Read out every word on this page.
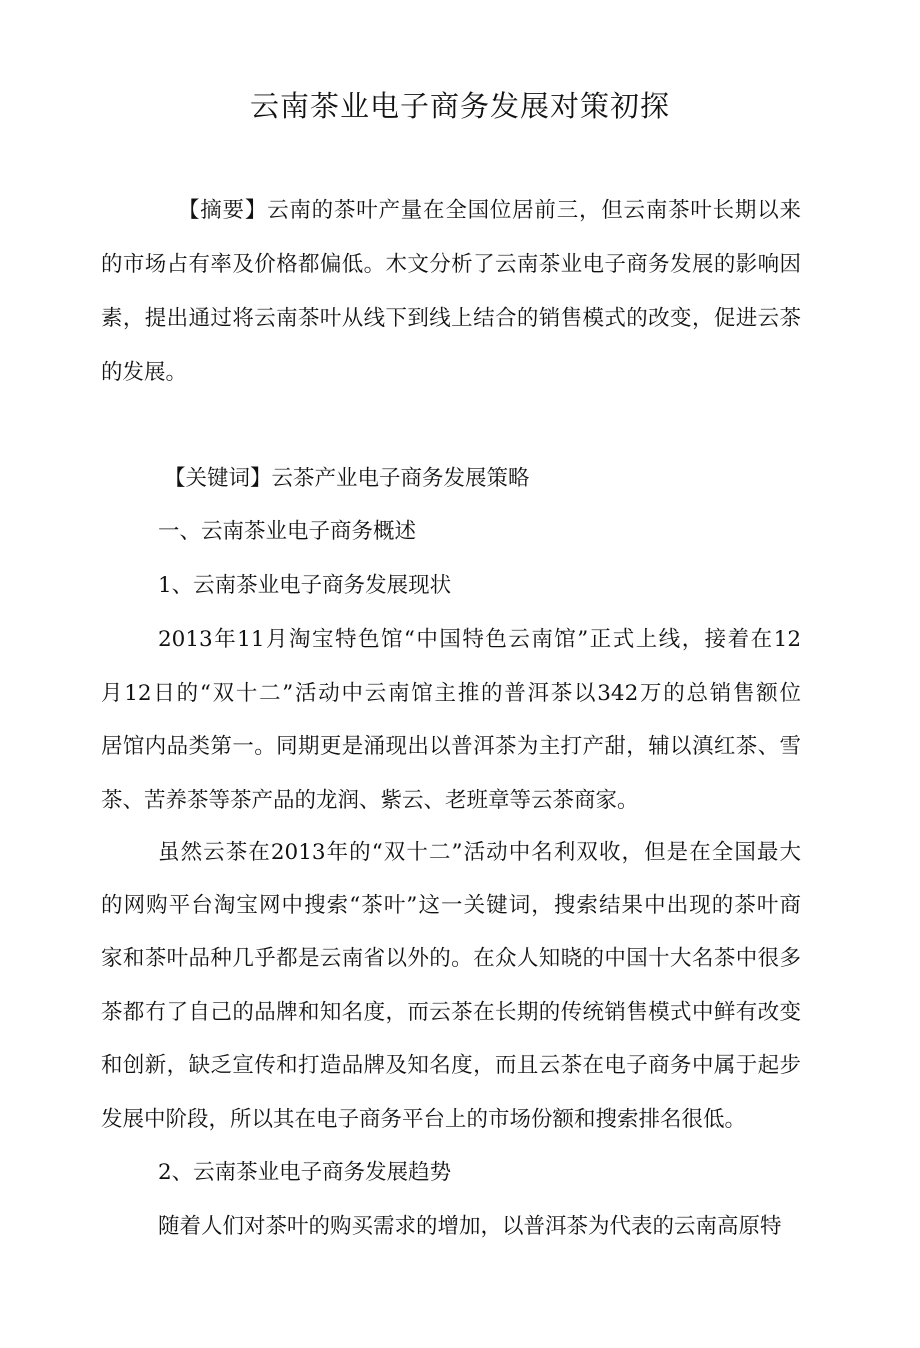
云南茶业电子商务发展对策初探

【摘要】云南的茶叶产量在全国位居前三，但云南茶叶长期以来

的市场占有率及价格都偏低。木文分析了云南茶业电子商务发展的影响因

素，提出通过将云南茶叶从线下到线上结合的销售模式的改变，促进云茶

的发展。

【关键词】云茶产业电子商务发展策略

一、云南茶业电子商务概述

1、云南茶业电子商务发展现状

2013年11月淘宝特色馆“中国特色云南馆”正式上线，接着在12

月12日的“双十二”活动中云南馆主推的普洱茶以342万的总销售额位

居馆内品类第一。同期更是涌现出以普洱茶为主打产甜，辅以滇红茶、雪

茶、苦养茶等茶产品的龙润、紫云、老班章等云茶商家。

虽然云茶在2013年的“双十二”活动中名利双收，但是在全国最大

的网购平台淘宝网中搜索“茶叶”这一关键词，搜索结果中出现的茶叶商

家和茶叶品种几乎都是云南省以外的。在众人知晓的中国十大名茶中很多

茶都冇了自己的品牌和知名度，而云茶在长期的传统销售模式中鲜有改变

和创新，缺乏宣传和打造品牌及知名度，而且云茶在电子商务中属于起步

发展中阶段，所以其在电子商务平台上的市场份额和搜索排名很低。

2、云南茶业电子商务发展趋势

随着人们对茶叶的购买需求的增加，以普洱茶为代表的云南高原特
